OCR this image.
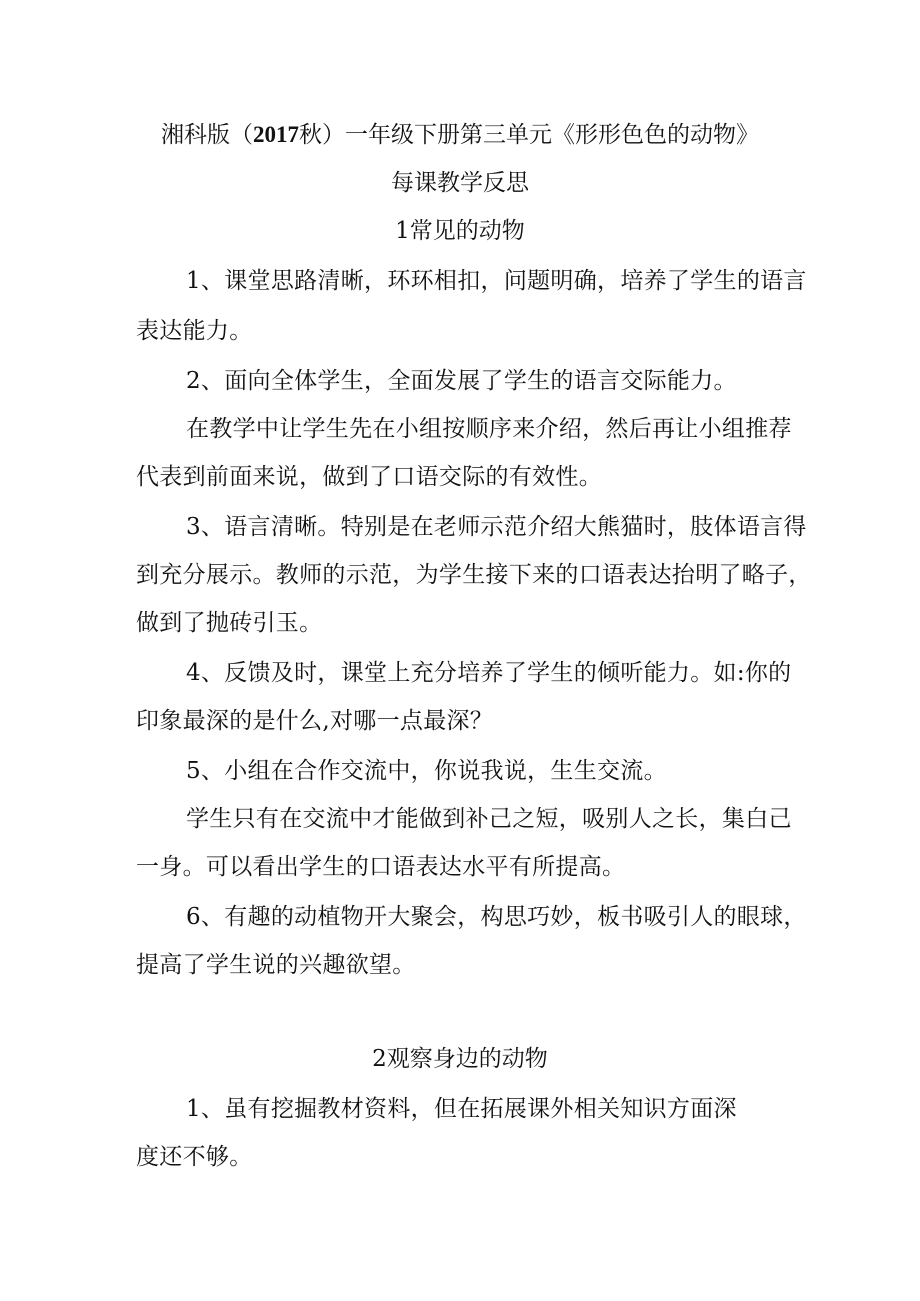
湘科版（2017秋）一年级下册第三单元《形形色色的动物》
每课教学反思
1常见的动物
1、课堂思路清晰，环环相扣，问题明确，培养了学生的语言
表达能力。
2、面向全体学生，全面发展了学生的语言交际能力。
在教学中让学生先在小组按顺序来介绍，然后再让小组推荐
代表到前面来说，做到了口语交际的有效性。
3、语言清晰。特别是在老师示范介绍大熊猫时，肢体语言得
到充分展示。教师的示范，为学生接下来的口语表达抬明了略子，
做到了抛砖引玉。
4、反馈及时，课堂上充分培养了学生的倾听能力。如:你的
印象最深的是什么,对哪一点最深？
5、小组在合作交流中，你说我说，生生交流。
学生只有在交流中才能做到补己之短，吸别人之长，集白己
一身。可以看出学生的口语表达水平有所提高。
6、有趣的动植物开大聚会，构思巧妙，板书吸引人的眼球，
提高了学生说的兴趣欲望。
2观察身边的动物
1、虽有挖掘教材资料，但在拓展课外相关知识方面深
度还不够。
